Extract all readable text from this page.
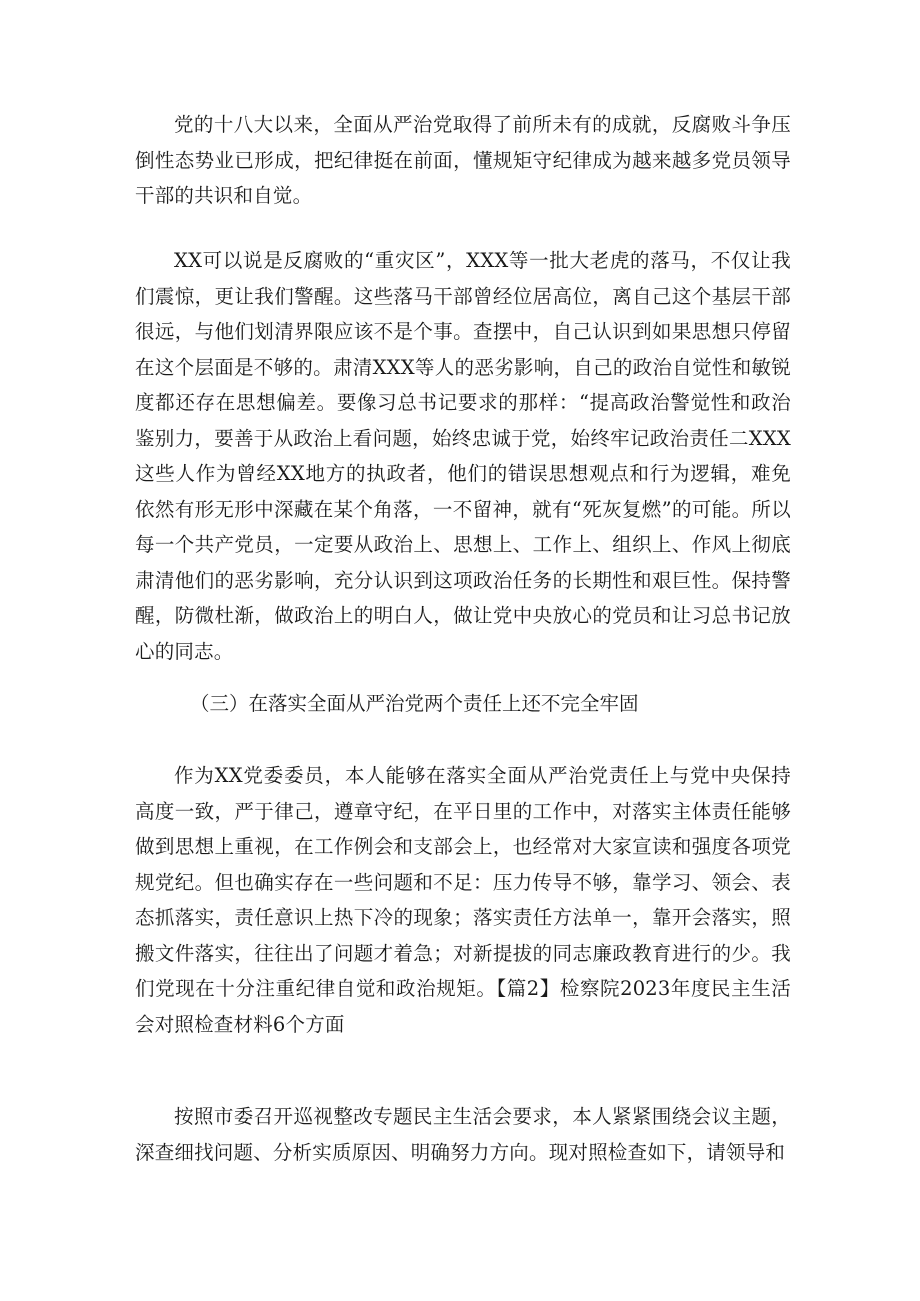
党的十八大以来，全面从严治党取得了前所未有的成就，反腐败斗争压倒性态势业已形成，把纪律挺在前面，懂规矩守纪律成为越来越多党员领导干部的共识和自觉。

XX可以说是反腐败的“重灾区”，XXX等一批大老虎的落马，不仅让我们震惊，更让我们警醒。这些落马干部曾经位居高位，离自己这个基层干部很远，与他们划清界限应该不是个事。查摆中，自己认识到如果思想只停留在这个层面是不够的。肃清XXX等人的恶劣影响，自己的政治自觉性和敏锐度都还存在思想偏差。要像习总书记要求的那样：“提高政治警觉性和政治鉴别力，要善于从政治上看问题，始终忠诚于党，始终牢记政治责任二XXX这些人作为曾经XX地方的执政者，他们的错误思想观点和行为逻辑，难免依然有形无形中深藏在某个角落，一不留神，就有“死灰复燃”的可能。所以每一个共产党员，一定要从政治上、思想上、工作上、组织上、作风上彻底肃清他们的恶劣影响，充分认识到这项政治任务的长期性和艰巨性。保持警醒，防微杜渐，做政治上的明白人，做让党中央放心的党员和让习总书记放心的同志。

（三）在落实全面从严治党两个责任上还不完全牢固

作为XX党委委员，本人能够在落实全面从严治党责任上与党中央保持高度一致，严于律己，遵章守纪，在平日里的工作中，对落实主体责任能够做到思想上重视，在工作例会和支部会上，也经常对大家宣读和强度各项党规党纪。但也确实存在一些问题和不足：压力传导不够，靠学习、领会、表态抓落实，责任意识上热下冷的现象；落实责任方法单一，靠开会落实，照搬文件落实，往往出了问题才着急；对新提拔的同志廉政教育进行的少。我们党现在十分注重纪律自觉和政治规矩。【篇2】检察院2023年度民主生活会对照检查材料6个方面

按照市委召开巡视整改专题民主生活会要求，本人紧紧围绕会议主题，深查细找问题、分析实质原因、明确努力方向。现对照检查如下，请领导和
